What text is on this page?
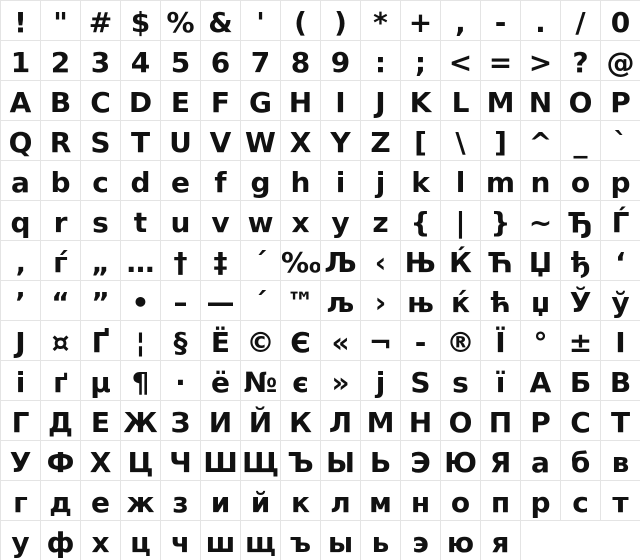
! " # $ % & '	( ) * + ,	-	.	/ 0
1 2 3 4 5 6 7 8 9 :	; < = > ? @
A B C D E F G H I	J K L M N O P
Q R S T U V W X Y Z [	\	] ^ _ `
a b c d e f g h i	j k l m n o p
q r s t u v w x y z { | } ~ Ђ Ѓ
‚ ѓ „ … † ‡ ´ ‰ Љ ‹ Њ Ќ Ћ Џ ђ ‘
’ “ ” • – — ´ ™ љ › њ ќ ћ џ Ў ў
Ј ¤ Ґ ¦ § Ё © Є « ¬ - ® Ї ° ± І
і ґ µ ¶ · ё № є » ј Ѕ ѕ ї А Б В
Г Д Е Ж З И Й К Л М Н О П Р С Т
У Ф Х Ц Ч Ш Щ Ъ Ы Ь Э Ю Я а б в
г д е ж з и й к л м н о п р с т
у ф х ц ч ш щ ъ ы ь э ю я
